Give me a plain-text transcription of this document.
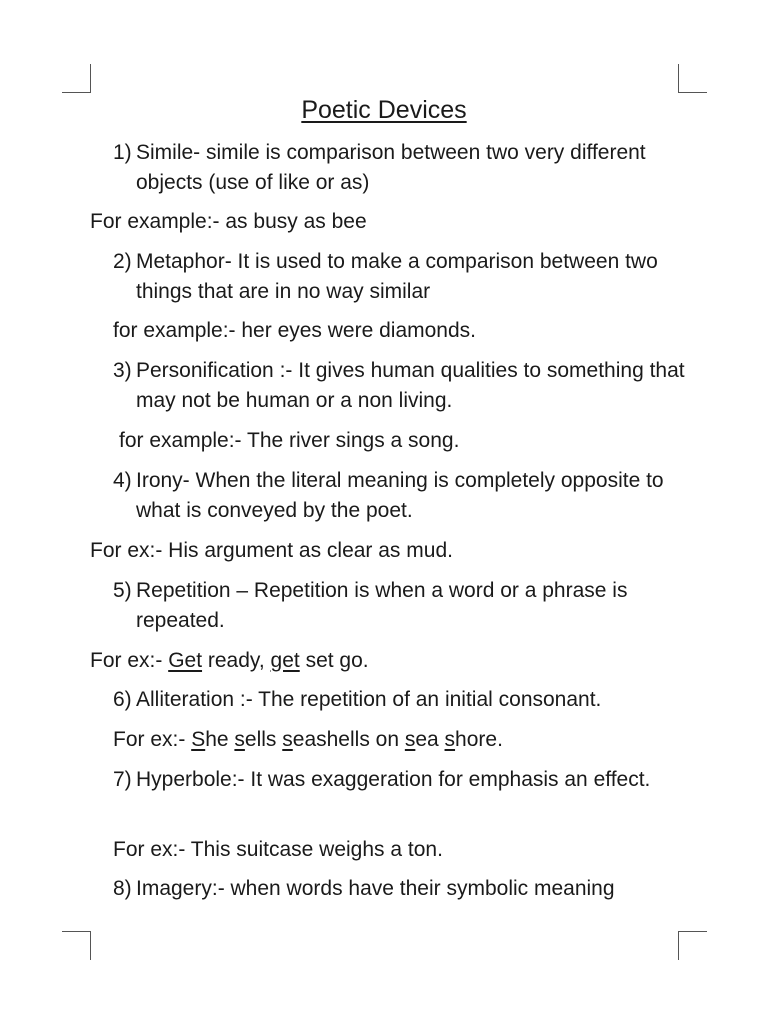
Poetic Devices
1) Simile- simile is comparison between two very different objects (use of like or as)
For example:- as busy as bee
2) Metaphor- It is used to make a comparison between two things that are in no way similar
for example:- her eyes were diamonds.
3) Personification :- It gives human qualities to something that may not be human or a non living.
for example:- The river sings a song.
4) Irony- When the literal meaning is completely opposite to what is conveyed by the poet.
For ex:- His argument as clear as mud.
5) Repetition – Repetition is when a word or a phrase is repeated.
For ex:- Get ready, get set go.
6) Alliteration :- The repetition of an initial consonant.
For ex:- She sells seashells on sea shore.
7) Hyperbole:- It was exaggeration for emphasis an effect.
For ex:- This suitcase weighs a ton.
8) Imagery:- when words have their symbolic meaning
